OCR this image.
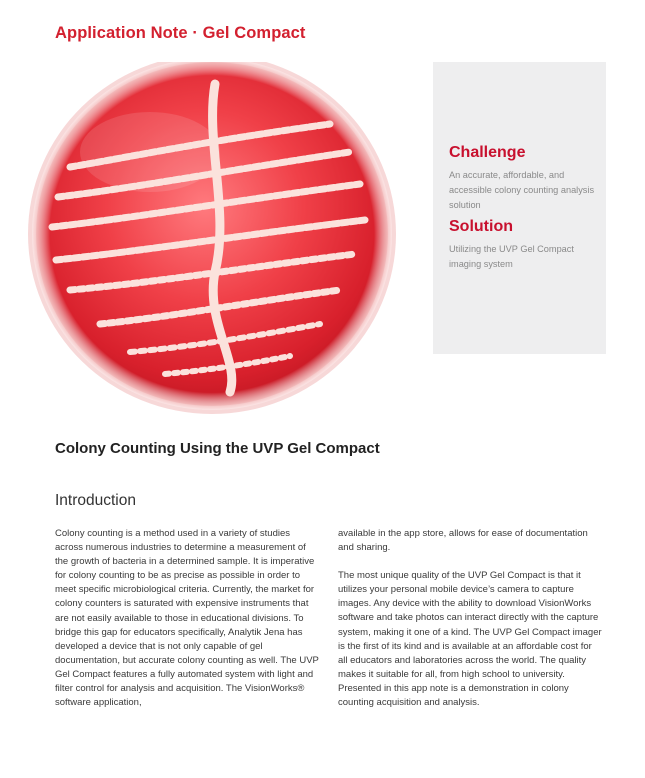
Application Note · Gel Compact
Challenge
An accurate, affordable, and accessible colony counting analysis solution
Solution
Utilizing the UVP Gel Compact imaging system
Colony Counting Using the UVP Gel Compact
Introduction

Colony counting is a method used in a variety of studies across numerous industries to determine a measurement of the growth of bacteria in a determined sample. It is imperative for colony counting to be as precise as possible in order to meet specific microbiological criteria. Currently, the market for colony counters is saturated with expensive instruments that are not easily available to those in educational divisions. To bridge this gap for educators specifically, Analytik Jena has developed a device that is not only capable of gel documentation, but accurate colony counting as well. The UVP Gel Compact features a fully automated system with light and filter control for analysis and acquisition. The VisionWorks® software application,

available in the app store, allows for ease of documentation and sharing.

The most unique quality of the UVP Gel Compact is that it utilizes your personal mobile device’s camera to capture images. Any device with the ability to download VisionWorks software and take photos can interact directly with the capture system, making it one of a kind. The UVP Gel Compact imager is the first of its kind and is available at an affordable cost for all educators and laboratories across the world. The quality makes it suitable for all, from high school to university. Presented in this app note is a demonstration in colony counting acquisition and analysis.
